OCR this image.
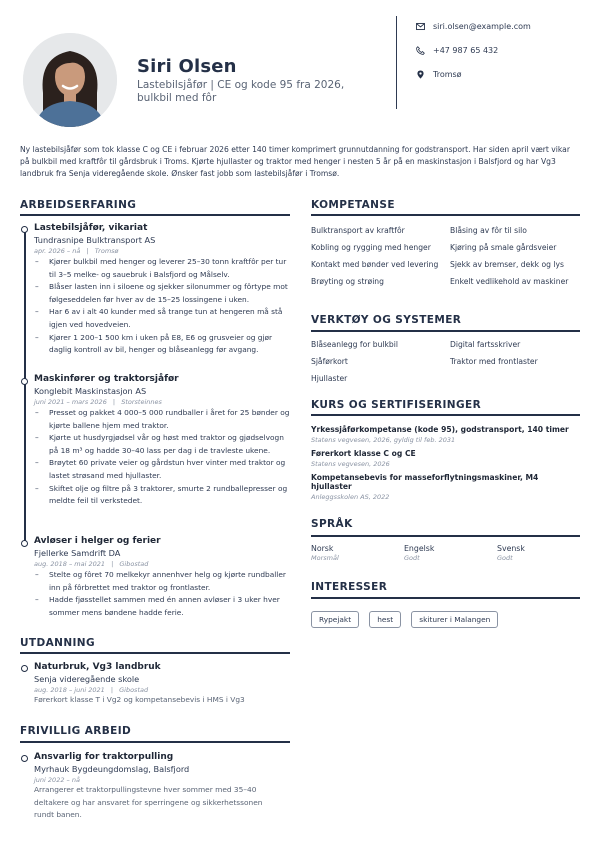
Siri Olsen
Lastebilsjåfør | CE og kode 95 fra 2026, bulkbil med fôr
siri.olsen@example.com
+47 987 65 432
Tromsø
Ny lastebilsjåfør som tok klasse C og CE i februar 2026 etter 140 timer komprimert grunnutdanning for godstransport. Har siden april vært vikar på bulkbil med kraftfôr til gårdsbruk i Troms. Kjørte hjullaster og traktor med henger i nesten 5 år på en maskinstasjon i Balsfjord og har Vg3 landbruk fra Senja videregående skole. Ønsker fast jobb som lastebilsjåfør i Tromsø.
ARBEIDSERFARING
Lastebilsjåfør, vikariat
Tundrasnipe Bulktransport AS
apr. 2026 – nå | Tromsø
– Kjører bulkbil med henger og leverer 25–30 tonn kraftfôr per tur til 3–5 melke- og sauebruk i Balsfjord og Målselv.
– Blåser lasten inn i siloene og sjekker silonummer og fôrtype mot følgeseddelen før hver av de 15–25 lossingene i uken.
– Har 6 av i alt 40 kunder med så trange tun at hengeren må stå igjen ved hovedveien.
– Kjører 1 200–1 500 km i uken på E8, E6 og grusveier og gjør daglig kontroll av bil, henger og blåseanlegg før avgang.
Maskinfører og traktorsjåfør
Konglebit Maskinstasjon AS
juni 2021 – mars 2026 | Storsteinnes
– Presset og pakket 4 000–5 000 rundballer i året for 25 bønder og kjørte ballene hjem med traktor.
– Kjørte ut husdyrgjødsel vår og høst med traktor og gjødselvogn på 18 m³ og hadde 30–40 lass per dag i de travleste ukene.
– Brøytet 60 private veier og gårdstun hver vinter med traktor og lastet strøsand med hjullaster.
– Skiftet olje og filtre på 3 traktorer, smurte 2 rundballepresser og meldte feil til verkstedet.
Avløser i helger og ferier
Fjellerke Samdrift DA
aug. 2018 – mai 2021 | Gibostad
– Stelte og fôret 70 melkekyr annenhver helg og kjørte rundballer inn på fôrbrettet med traktor og frontlaster.
– Hadde fjøsstellet sammen med én annen avløser i 3 uker hver sommer mens bøndene hadde ferie.
UTDANNING
Naturbruk, Vg3 landbruk
Senja videregående skole
aug. 2018 – juni 2021 | Gibostad
Førerkort klasse T i Vg2 og kompetansebevis i HMS i Vg3
FRIVILLIG ARBEID
Ansvarlig for traktorpulling
Myrhauk Bygdeungdomslag, Balsfjord
juni 2022 – nå
Arrangerer et traktorpullingstevne hver sommer med 35–40 deltakere og har ansvaret for sperringene og sikkerhetssonen rundt banen.
KOMPETANSE
Bulktransport av kraftfôr	Blåsing av fôr til silo
Kobling og rygging med henger	Kjøring på smale gårdsveier
Kontakt med bønder ved levering	Sjekk av bremser, dekk og lys
Brøyting og strøing	Enkelt vedlikehold av maskiner
VERKTØY OG SYSTEMER
Blåseanlegg for bulkbil	Digital fartsskriver
Sjåførkort	Traktor med frontlaster
Hjullaster
KURS OG SERTIFISERINGER
Yrkessjåførkompetanse (kode 95), godstransport, 140 timer
Statens vegvesen, 2026, gyldig til feb. 2031
Førerkort klasse C og CE
Statens vegvesen, 2026
Kompetansebevis for masseforflytningsmaskiner, M4 hjullaster
Anleggsskolen AS, 2022
SPRÅK
Norsk
Morsmål
Engelsk
Godt
Svensk
Godt
INTERESSER
Rypejakt	hest	skiturer i Malangen
